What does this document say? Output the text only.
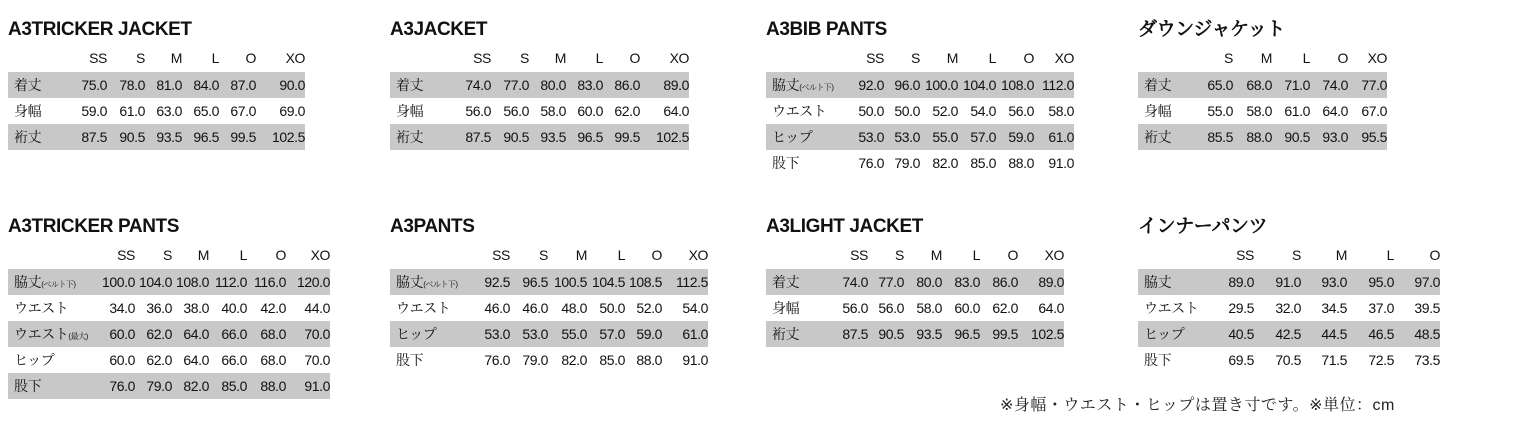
A3TRICKER JACKET
	SS	S	M	L	O	XO
着丈	75.0	78.0	81.0	84.0	87.0	90.0
身幅	59.0	61.0	63.0	65.0	67.0	69.0
裄丈	87.5	90.5	93.5	96.5	99.5	102.5
A3JACKET
	SS	S	M	L	O	XO
着丈	74.0	77.0	80.0	83.0	86.0	89.0
身幅	56.0	56.0	58.0	60.0	62.0	64.0
裄丈	87.5	90.5	93.5	96.5	99.5	102.5
A3BIB PANTS
	SS	S	M	L	O	XO
脇丈(ベルト下)	92.0	96.0	100.0	104.0	108.0	112.0
ウエスト	50.0	50.0	52.0	54.0	56.0	58.0
ヒップ	53.0	53.0	55.0	57.0	59.0	61.0
股下	76.0	79.0	82.0	85.0	88.0	91.0
ダウンジャケット
	S	M	L	O	XO
着丈	65.0	68.0	71.0	74.0	77.0
身幅	55.0	58.0	61.0	64.0	67.0
裄丈	85.5	88.0	90.5	93.0	95.5
A3TRICKER PANTS
	SS	S	M	L	O	XO
脇丈(ベルト下)	100.0	104.0	108.0	112.0	116.0	120.0
ウエスト	34.0	36.0	38.0	40.0	42.0	44.0
ウエスト(最大)	60.0	62.0	64.0	66.0	68.0	70.0
ヒップ	60.0	62.0	64.0	66.0	68.0	70.0
股下	76.0	79.0	82.0	85.0	88.0	91.0
A3PANTS
	SS	S	M	L	O	XO
脇丈(ベルト下)	92.5	96.5	100.5	104.5	108.5	112.5
ウエスト	46.0	46.0	48.0	50.0	52.0	54.0
ヒップ	53.0	53.0	55.0	57.0	59.0	61.0
股下	76.0	79.0	82.0	85.0	88.0	91.0
A3LIGHT JACKET
	SS	S	M	L	O	XO
着丈	74.0	77.0	80.0	83.0	86.0	89.0
身幅	56.0	56.0	58.0	60.0	62.0	64.0
裄丈	87.5	90.5	93.5	96.5	99.5	102.5
インナーパンツ
	SS	S	M	L	O
脇丈	89.0	91.0	93.0	95.0	97.0
ウエスト	29.5	32.0	34.5	37.0	39.5
ヒップ	40.5	42.5	44.5	46.5	48.5
股下	69.5	70.5	71.5	72.5	73.5
※身幅・ウエスト・ヒップは置き寸です。※単位：cm
